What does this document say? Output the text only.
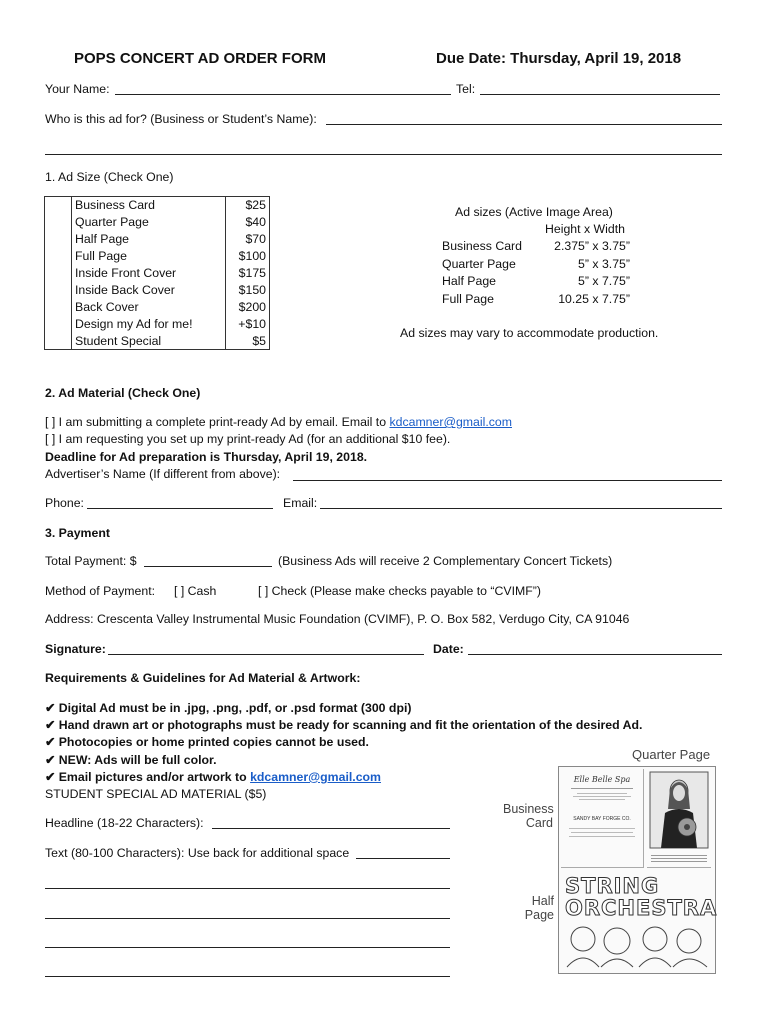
POPS CONCERT AD ORDER FORM	Due Date: Thursday, April 19, 2018
Your Name:	Tel:
Who is this ad for? (Business or Student’s Name):
1. Ad Size (Check One)
	Business Card	$25
	Quarter Page	$40
	Half Page	$70
	Full Page	$100
	Inside Front Cover	$175
	Inside Back Cover	$150
	Back Cover	$200
	Design my Ad for me!	+$10
	Student Special	$5
Ad sizes (Active Image Area)
Height x Width
Business Card	2.375” x 3.75”
Quarter Page	5” x 3.75”
Half Page	5” x 7.75”
Full Page	10.25 x 7.75”
Ad sizes may vary to accommodate production.
2. Ad Material (Check One)
[ ] I am submitting a complete print-ready Ad by email. Email to kdcamner@gmail.com
[ ] I am requesting you set up my print-ready Ad (for an additional $10 fee).
Deadline for Ad preparation is Thursday, April 19, 2018.
Advertiser’s Name (If different from above):
Phone:	Email:
3. Payment
Total Payment: $	(Business Ads will receive 2 Complementary Concert Tickets)
Method of Payment: [ ] Cash	[ ] Check (Please make checks payable to “CVIMF”)
Address: Crescenta Valley Instrumental Music Foundation (CVIMF), P. O. Box 582, Verdugo City, CA 91046
Signature:	Date:
Requirements & Guidelines for Ad Material & Artwork:
✔ Digital Ad must be in .jpg, .png, .pdf, or .psd format (300 dpi)
✔ Hand drawn art or photographs must be ready for scanning and fit the orientation of the desired Ad.
✔ Photocopies or home printed copies cannot be used.
✔ NEW: Ads will be full color.
✔ Email pictures and/or artwork to kdcamner@gmail.com
STUDENT SPECIAL AD MATERIAL ($5)
Headline (18-22 Characters):
Text (80-100 Characters): Use back for additional space
Quarter Page
Business Card
Half Page
Elle Belle Spa
SANDY BAY FORGE CO.
STRING ORCHESTRA
